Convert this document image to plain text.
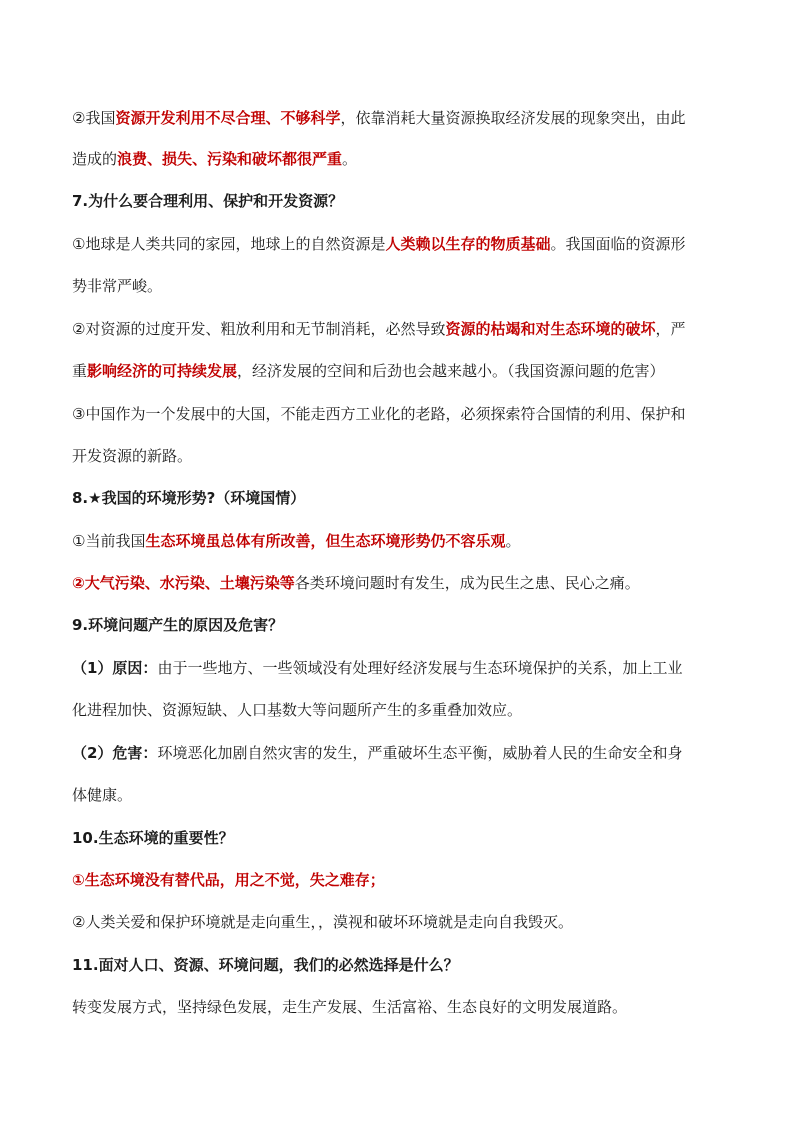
②我国资源开发利用不尽合理、不够科学，依靠消耗大量资源换取经济发展的现象突出，由此

造成的浪费、损失、污染和破坏都很严重。

7.为什么要合理利用、保护和开发资源？

①地球是人类共同的家园，地球上的自然资源是人类赖以生存的物质基础。我国面临的资源形

势非常严峻。

②对资源的过度开发、粗放利用和无节制消耗，必然导致资源的枯竭和对生态环境的破坏，严

重影响经济的可持续发展，经济发展的空间和后劲也会越来越小。（我国资源问题的危害）

③中国作为一个发展中的大国，不能走西方工业化的老路，必须探索符合国情的利用、保护和

开发资源的新路。

8.★我国的环境形势?（环境国情）

①当前我国生态环境虽总体有所改善，但生态环境形势仍不容乐观。

②大气污染、水污染、土壤污染等各类环境问题时有发生，成为民生之患、民心之痛。

9.环境问题产生的原因及危害？

（1）原因：由于一些地方、一些领域没有处理好经济发展与生态环境保护的关系，加上工业

化进程加快、资源短缺、人口基数大等问题所产生的多重叠加效应。

（2）危害：环境恶化加剧自然灾害的发生，严重破坏生态平衡，威胁着人民的生命安全和身

体健康。

10.生态环境的重要性？

①生态环境没有替代品，用之不觉，失之难存；

②人类关爱和保护环境就是走向重生，，漠视和破坏环境就是走向自我毁灭。

11.面对人口、资源、环境问题，我们的必然选择是什么？

转变发展方式，坚持绿色发展，走生产发展、生活富裕、生态良好的文明发展道路。
